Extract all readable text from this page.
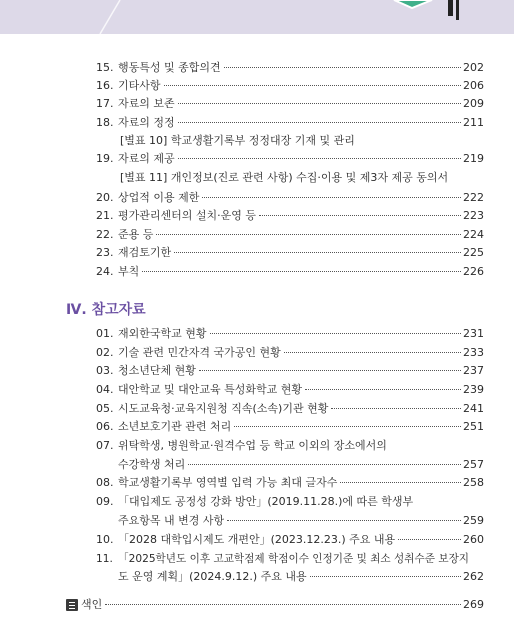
15. 행동특성 및 종합의견	202
16. 기타사항	206
17. 자료의 보존	209
18. 자료의 정정	211
[별표 10] 학교생활기록부 정정대장 기재 및 관리
19. 자료의 제공	219
[별표 11] 개인정보(진로 관련 사항) 수집·이용 및 제3자 제공 동의서
20. 상업적 이용 제한	222
21. 평가관리센터의 설치·운영 등	223
22. 준용 등	224
23. 재검토기한	225
24. 부칙	226
Ⅳ. 참고자료
01. 재외한국학교 현황	231
02. 기술 관련 민간자격 국가공인 현황	233
03. 청소년단체 현황	237
04. 대안학교 및 대안교육 특성화학교 현황	239
05. 시도교육청·교육지원청 직속(소속)기관 현황	241
06. 소년보호기관 관련 처리	251
07. 위탁학생, 병원학교·원격수업 등 학교 이외의 장소에서의
수강학생 처리	257
08. 학교생활기록부 영역별 입력 가능 최대 글자수	258
09. 「대입제도 공정성 강화 방안」(2019.11.28.)에 따른 학생부
주요항목 내 변경 사항	259
10. 「2028 대학입시제도 개편안」(2023.12.23.) 주요 내용	260
11. 「2025학년도 이후 고교학점제 학점이수 인정기준 및 최소 성취수준 보장지
도 운영 계획」(2024.9.12.) 주요 내용	262
색인	269
